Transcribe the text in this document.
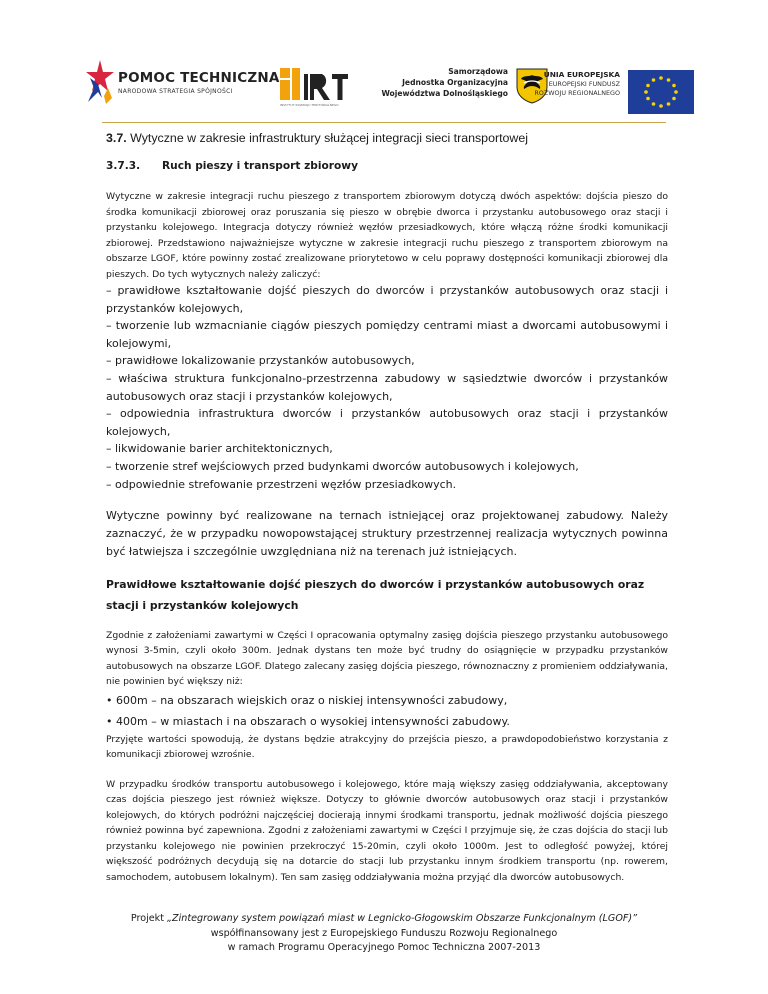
POMOC TECHNICZNA
NARODOWA STRATEGIA SPÓJNOŚCI
INSTYTUT ROZWOJU TERYTORIALNEGO
Samorządowa
Jednostka Organizacyjna
Województwa Dolnośląskiego
UNIA EUROPEJSKA
EUROPEJSKI FUNDUSZ
ROZWOJU REGIONALNEGO
3.7. Wytyczne w zakresie infrastruktury służącej integracji sieci transportowej
3.7.3. Ruch pieszy i transport zbiorowy

Wytyczne w zakresie integracji ruchu pieszego z transportem zbiorowym dotyczą dwóch aspektów: dojścia pieszo do środka komunikacji zbiorowej oraz poruszania się pieszo w obrębie dworca i przystanku autobusowego oraz stacji i przystanku kolejowego. Integracja dotyczy również węzłów przesiadkowych, które włączą różne środki komunikacji zbiorowej. Przedstawiono najważniejsze wytyczne w zakresie integracji ruchu pieszego z transportem zbiorowym na obszarze LGOF, które powinny zostać zrealizowane priorytetowo w celu poprawy dostępności komunikacji zbiorowej dla pieszych. Do tych wytycznych należy zaliczyć:

– prawidłowe kształtowanie dojść pieszych do dworców i przystanków autobusowych oraz stacji i przystanków kolejowych,
– tworzenie lub wzmacnianie ciągów pieszych pomiędzy centrami miast a dworcami autobusowymi i kolejowymi,
– prawidłowe lokalizowanie przystanków autobusowych,
– właściwa struktura funkcjonalno-przestrzenna zabudowy w sąsiedztwie dworców i przystanków autobusowych oraz stacji i przystanków kolejowych,
– odpowiednia infrastruktura dworców i przystanków autobusowych oraz stacji i przystanków kolejowych,
– likwidowanie barier architektonicznych,
– tworzenie stref wejściowych przed budynkami dworców autobusowych i kolejowych,
– odpowiednie strefowanie przestrzeni węzłów przesiadkowych.

Wytyczne powinny być realizowane na ternach istniejącej oraz projektowanej zabudowy. Należy zaznaczyć, że w przypadku nowopowstającej struktury przestrzennej realizacja wytycznych powinna być łatwiejsza i szczególnie uwzględniana niż na terenach już istniejących.

Prawidłowe kształtowanie dojść pieszych do dworców i przystanków autobusowych oraz stacji i przystanków kolejowych

Zgodnie z założeniami zawartymi w Części I opracowania optymalny zasięg dojścia pieszego przystanku autobusowego wynosi 3-5min, czyli około 300m. Jednak dystans ten może być trudny do osiągnięcie w przypadku przystanków autobusowych na obszarze LGOF. Dlatego zalecany zasięg dojścia pieszego, równoznaczny z promieniem oddziaływania, nie powinien być większy niż:

• 600m – na obszarach wiejskich oraz o niskiej intensywności zabudowy,
• 400m – w miastach i na obszarach o wysokiej intensywności zabudowy.

Przyjęte wartości spowodują, że dystans będzie atrakcyjny do przejścia pieszo, a prawdopodobieństwo korzystania z komunikacji zbiorowej wzrośnie.

W przypadku środków transportu autobusowego i kolejowego, które mają większy zasięg oddziaływania, akceptowany czas dojścia pieszego jest również większe. Dotyczy to głównie dworców autobusowych oraz stacji i przystanków kolejowych, do których podróżni najczęściej docierają innymi środkami transportu, jednak możliwość dojścia pieszego również powinna być zapewniona. Zgodni z założeniami zawartymi w Części I przyjmuje się, że czas dojścia do stacji lub przystanku kolejowego nie powinien przekroczyć 15-20min, czyli około 1000m. Jest to odległość powyżej, której większość podróżnych decydują się na dotarcie do stacji lub przystanku innym środkiem transportu (np. rowerem, samochodem, autobusem lokalnym). Ten sam zasięg oddziaływania można przyjąć dla dworców autobusowych.

Projekt „Zintegrowany system powiązań miast w Legnicko-Głogowskim Obszarze Funkcjonalnym (LGOF)”
współfinansowany jest z Europejskiego Funduszu Rozwoju Regionalnego
w ramach Programu Operacyjnego Pomoc Techniczna 2007-2013
